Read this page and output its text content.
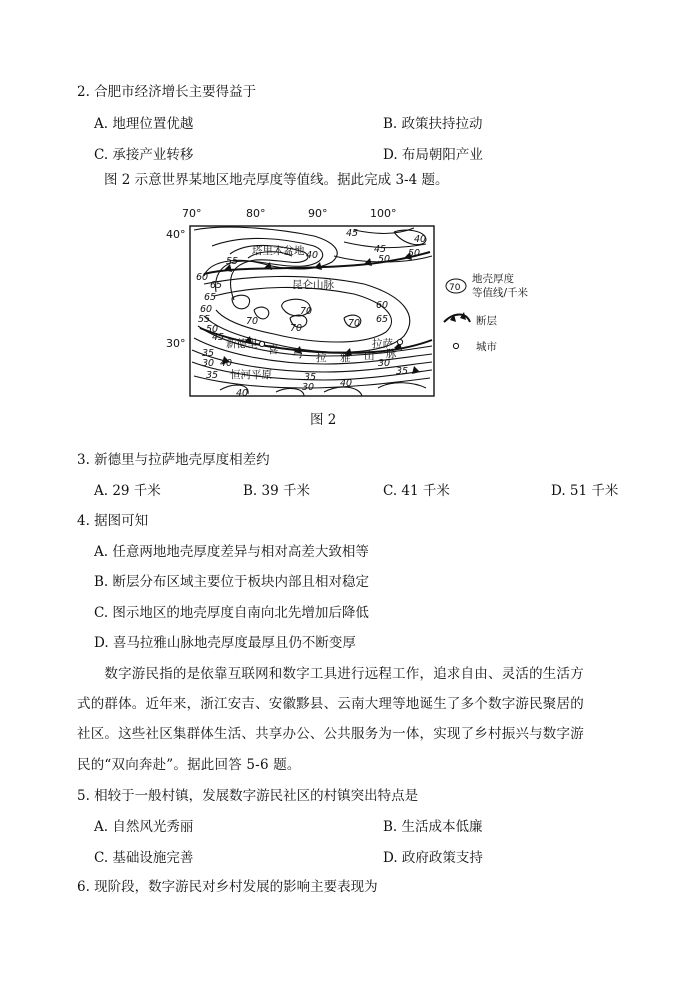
2. 合肥市经济增长主要得益于
A. 地理位置优越	B. 政策扶持拉动
C. 承接产业转移	D. 布局朝阳产业
图 2 示意世界某地区地壳厚度等值线。据此完成 3-4 题。
70°	80°	90°	100°
40°
30°
塔里木盆地
昆仑山脉
新德里	拉萨
喜 马 拉 雅 山 脉
恒河平原
45
40
50
40
45
50
55
60
65
60
65
70
70
70	70
65
60
55
50
45
40
35
30
35
40
30
35
40
30
35
70
地壳厚度
等值线/千米
断层
城市
图 2
3. 新德里与拉萨地壳厚度相差约
A. 29 千米	B. 39 千米	C. 41 千米	D. 51 千米
4. 据图可知
A. 任意两地地壳厚度差异与相对高差大致相等
B. 断层分布区域主要位于板块内部且相对稳定
C. 图示地区的地壳厚度自南向北先增加后降低
D. 喜马拉雅山脉地壳厚度最厚且仍不断变厚
　　数字游民指的是依靠互联网和数字工具进行远程工作，追求自由、灵活的生活方
式的群体。近年来，浙江安吉、安徽黟县、云南大理等地诞生了多个数字游民聚居的
社区。这些社区集群体生活、共享办公、公共服务为一体，实现了乡村振兴与数字游
民的“双向奔赴”。据此回答 5-6 题。
5. 相较于一般村镇，发展数字游民社区的村镇突出特点是
A. 自然风光秀丽	B. 生活成本低廉
C. 基础设施完善	D. 政府政策支持
6. 现阶段，数字游民对乡村发展的影响主要表现为
